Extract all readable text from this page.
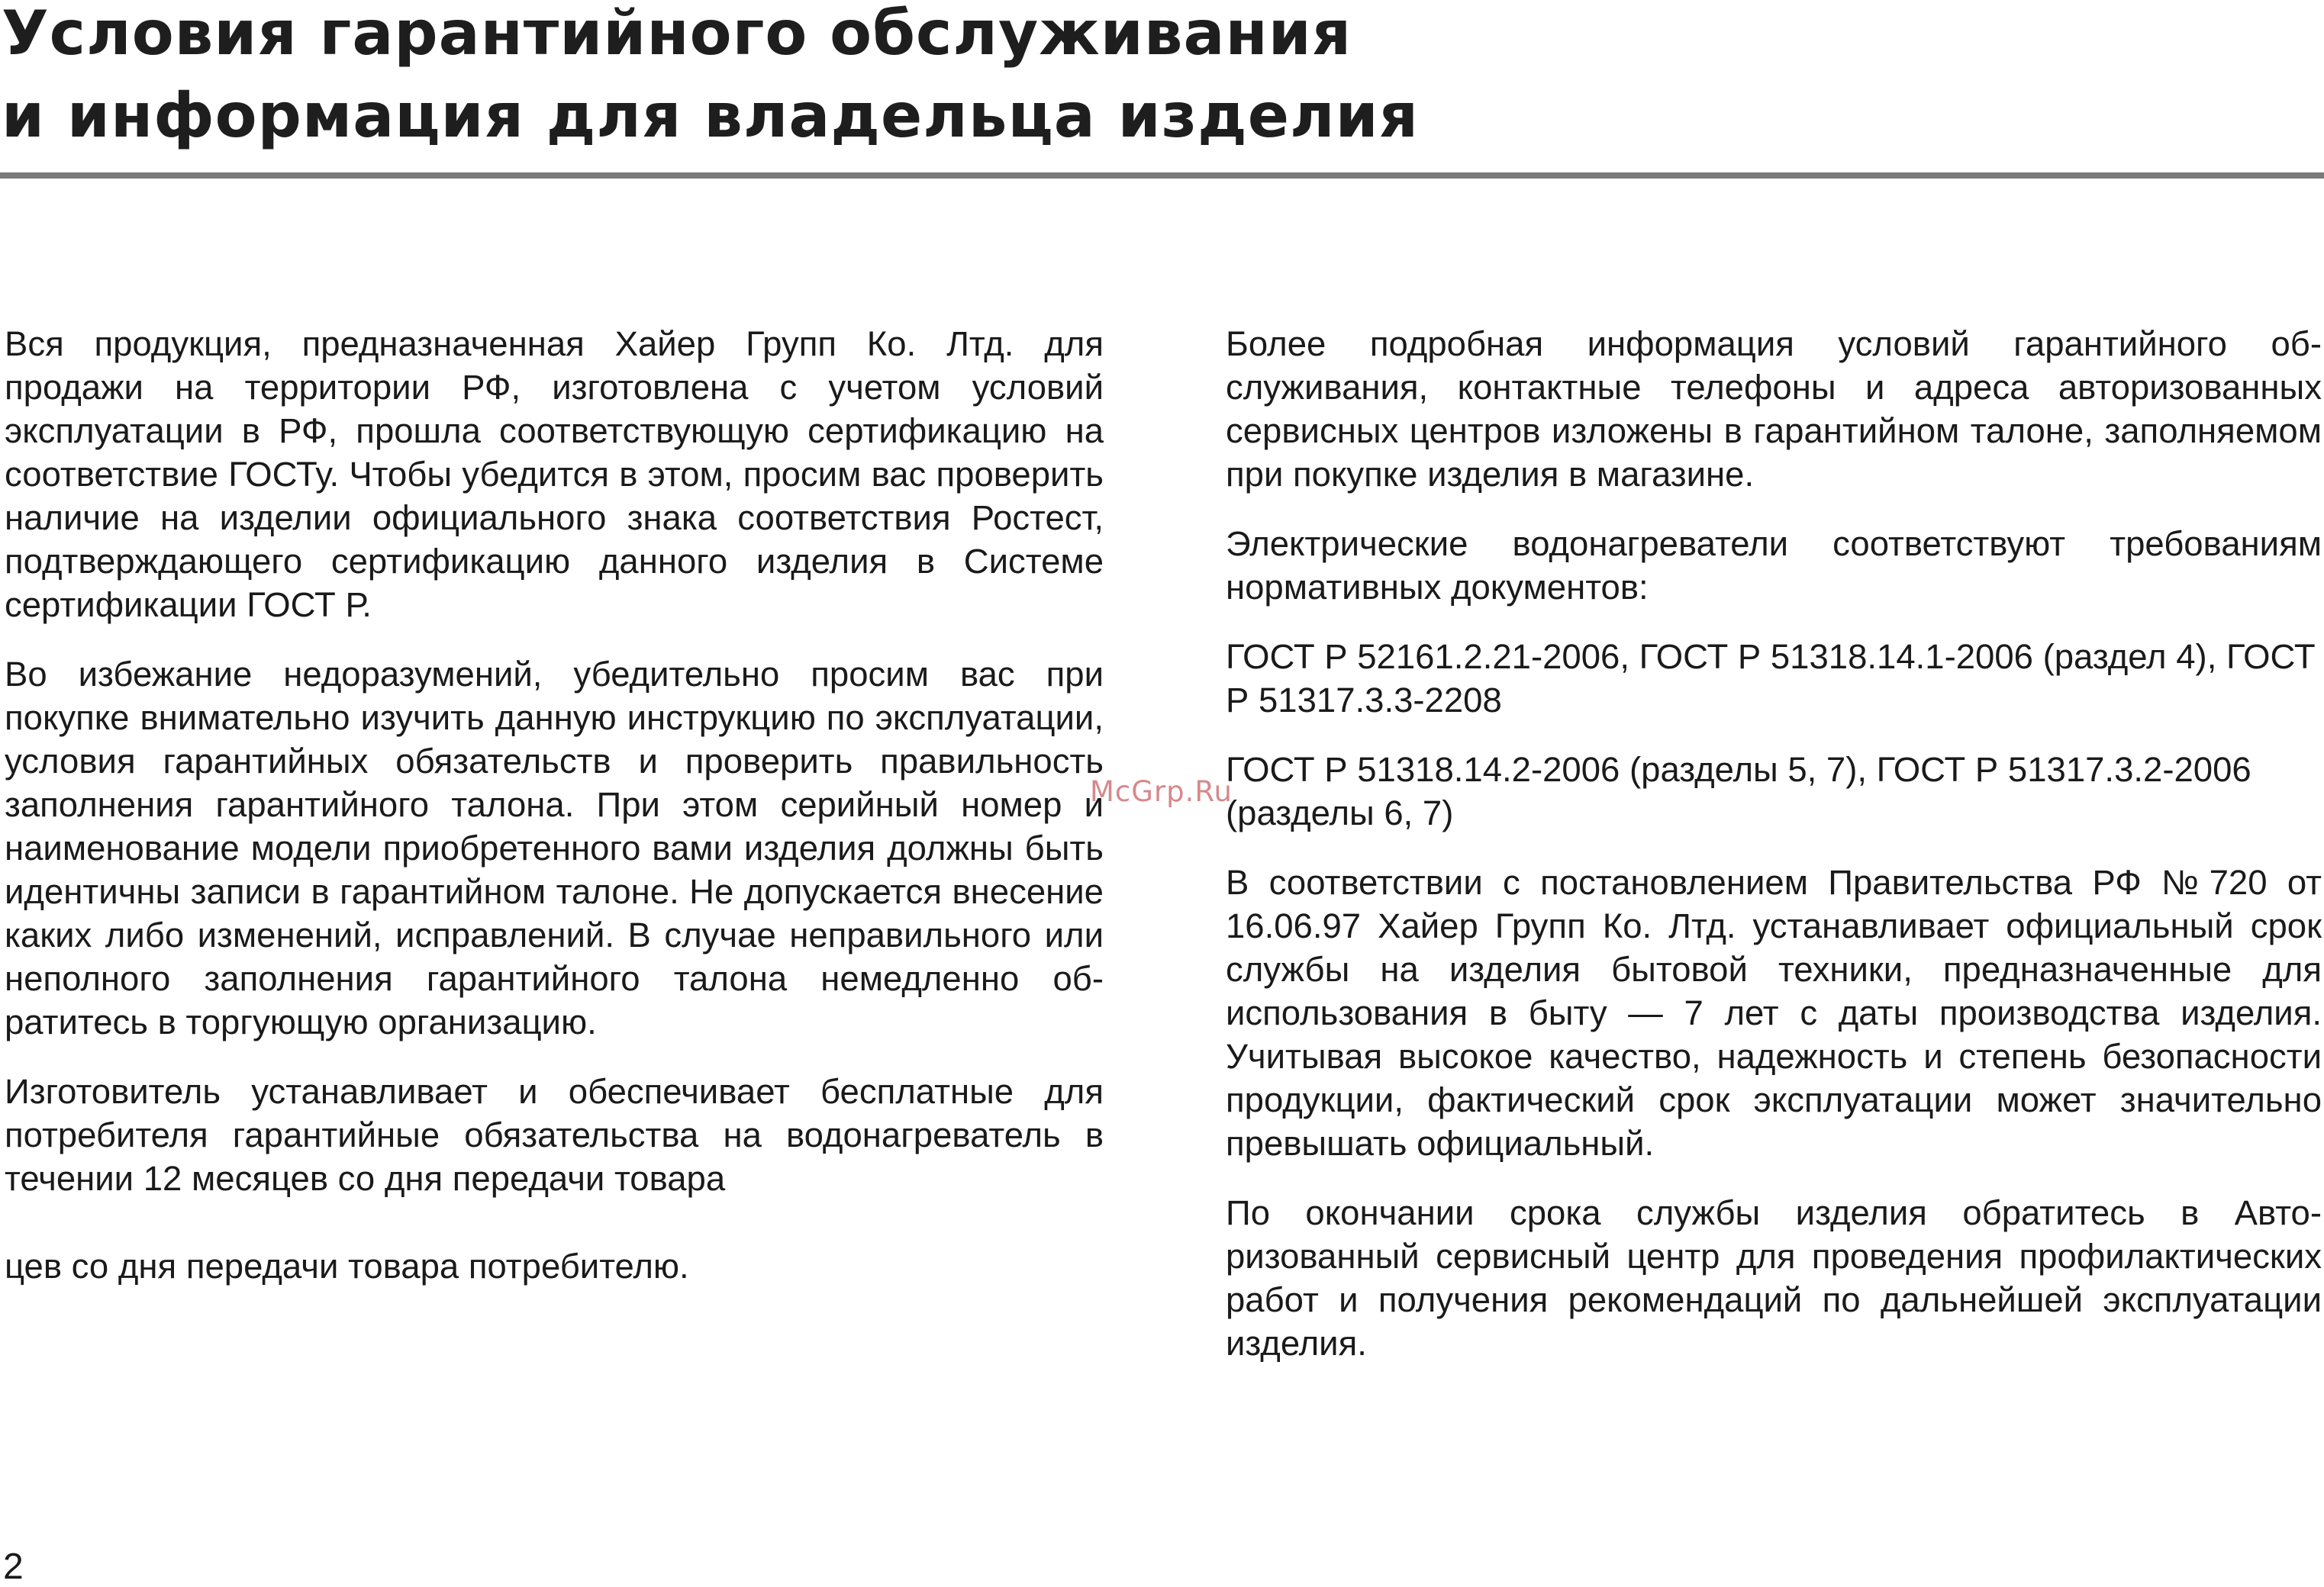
Условия гарантийного обслуживания
и информация для владельца изделия

Вся продукция, предназначенная Хайер Групп Ко. Лтд. для продажи на территории РФ, изготовлена с учетом условий эксплуатации в РФ, прошла соответствующую сертификацию на соответствие ГОСТу. Чтобы убедится в этом, просим вас проверить наличие на изделии официального знака соответствия Ростест, подтверждающего сертификацию данного изделия в Системе сертификации ГОСТ Р.

Во избежание недоразумений, убедительно просим вас при покупке внимательно изучить данную инструкцию по эксплуатации, условия гарантийных обязательств и проверить правильность заполнения гарантийного талона. При этом серийный номер и наименование модели приобретенного вами изделия должны быть идентичны записи в гарантийном талоне. Не допускается внесение каких либо изменений, исправлений. В случае неправильного или неполного заполнения гарантийного талона немедленно обратитесь в торгующую организацию.

Изготовитель устанавливает и обеспечивает бесплатные для потребителя гарантийные обязательства на водонагреватель в течении 12 месяцев со дня передачи товара

цев со дня передачи товара потребителю.

Более подробная информация условий гарантийного обслуживания, контактные телефоны и адреса авторизованных сервисных центров изложены в гарантийном талоне, заполняемом при покупке изделия в магазине.

Электрические водонагреватели соответствуют требованиям нормативных документов:

ГОСТ Р 52161.2.21-2006, ГОСТ Р 51318.14.1-2006 (раздел 4), ГОСТ Р 51317.3.3-2208

ГОСТ Р 51318.14.2-2006 (разделы 5, 7), ГОСТ Р 51317.3.2-2006 (разделы 6, 7)

В соответствии с постановлением Правительства РФ №720 от 16.06.97 Хайер Групп Ко. Лтд. устанавливает официальный срок службы на изделия бытовой техники, предназначенные для использования в быту — 7 лет с даты производства изделия. Учитывая высокое качество, надежность и степень безопасности продукции, фактический срок эксплуатации может значительно превышать официальный.

По окончании срока службы изделия обратитесь в Авторизованный сервисный центр для проведения профилактических работ и получения рекомендаций по дальнейшей эксплуатации изделия.

McGrp.Ru
2
